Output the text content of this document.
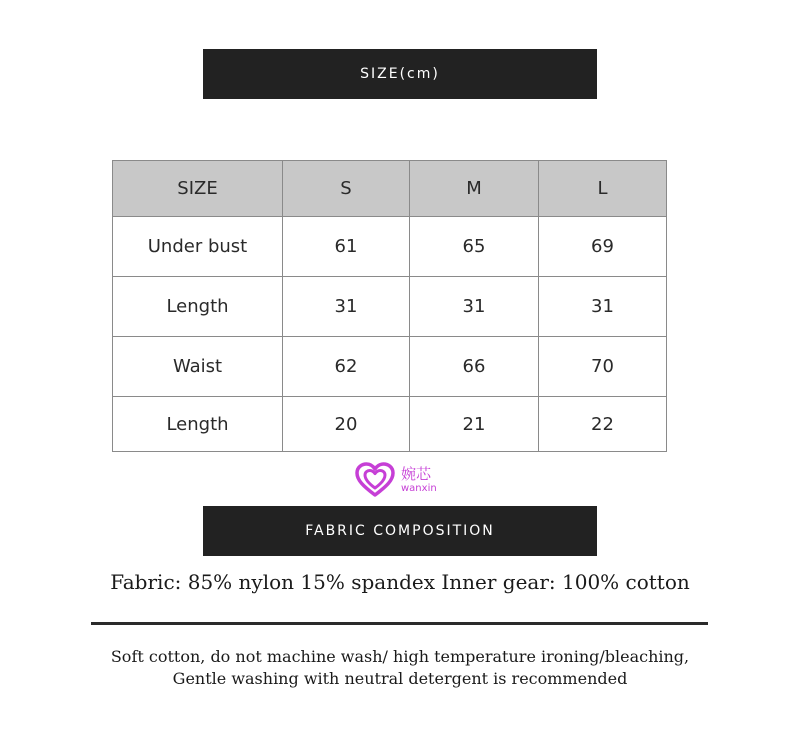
SIZE(cm)
SIZE	S	M	L
Under bust	61	65	69
Length	31	31	31
Waist	62	66	70
Length	20	21	22
婉芯
wanxin
FABRIC COMPOSITION
Fabric: 85% nylon 15% spandex Inner gear: 100% cotton
Soft cotton, do not machine wash/ high temperature ironing/bleaching,
Gentle washing with neutral detergent is recommended
